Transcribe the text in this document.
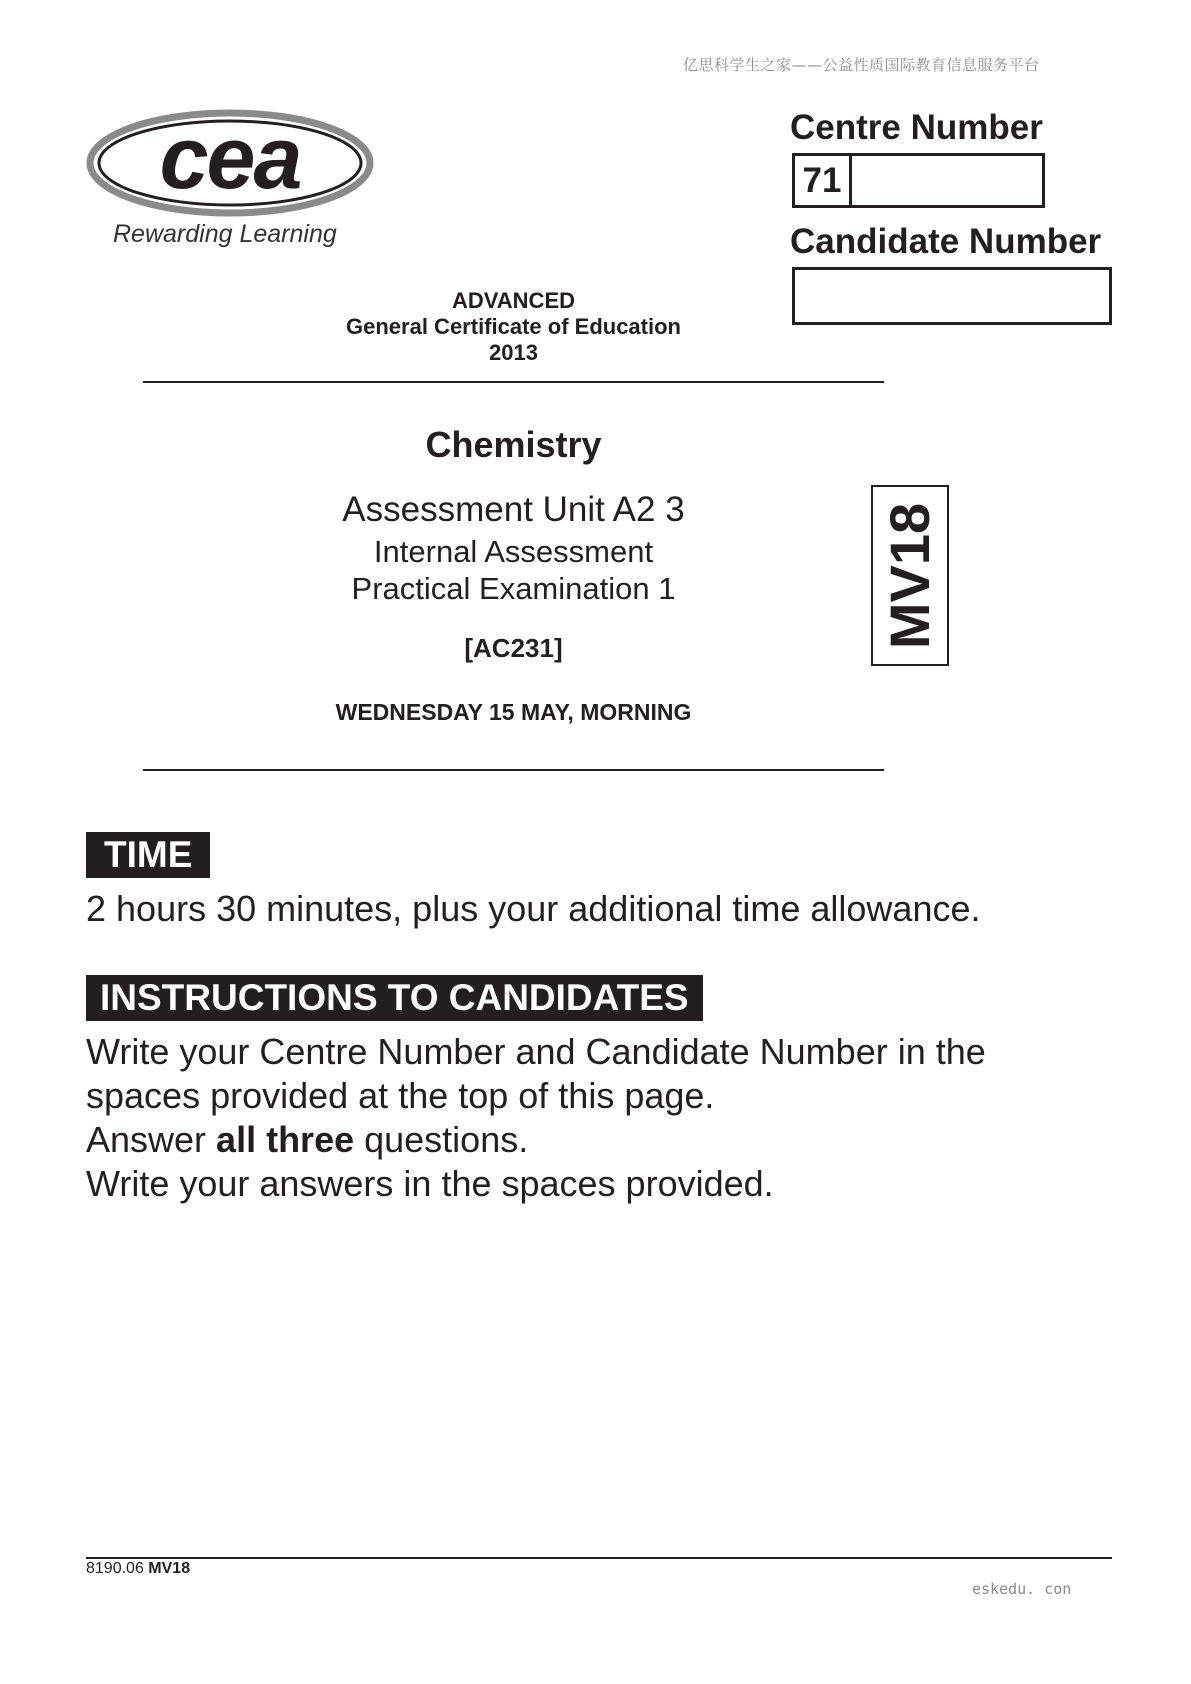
亿思科学生之家——公益性质国际教育信息服务平台
cea
Rewarding Learning
Centre Number
71
Candidate Number
ADVANCED
General Certificate of Education
2013
Chemistry
Assessment Unit A2 3
Internal Assessment
Practical Examination 1
[AC231]
WEDNESDAY 15 MAY, MORNING
MV18
TIME
2 hours 30 minutes, plus your additional time allowance.
INSTRUCTIONS TO CANDIDATES
Write your Centre Number and Candidate Number in the
spaces provided at the top of this page.
Answer all three questions.
Write your answers in the spaces provided.
8190.06 MV18
eskedu. con
